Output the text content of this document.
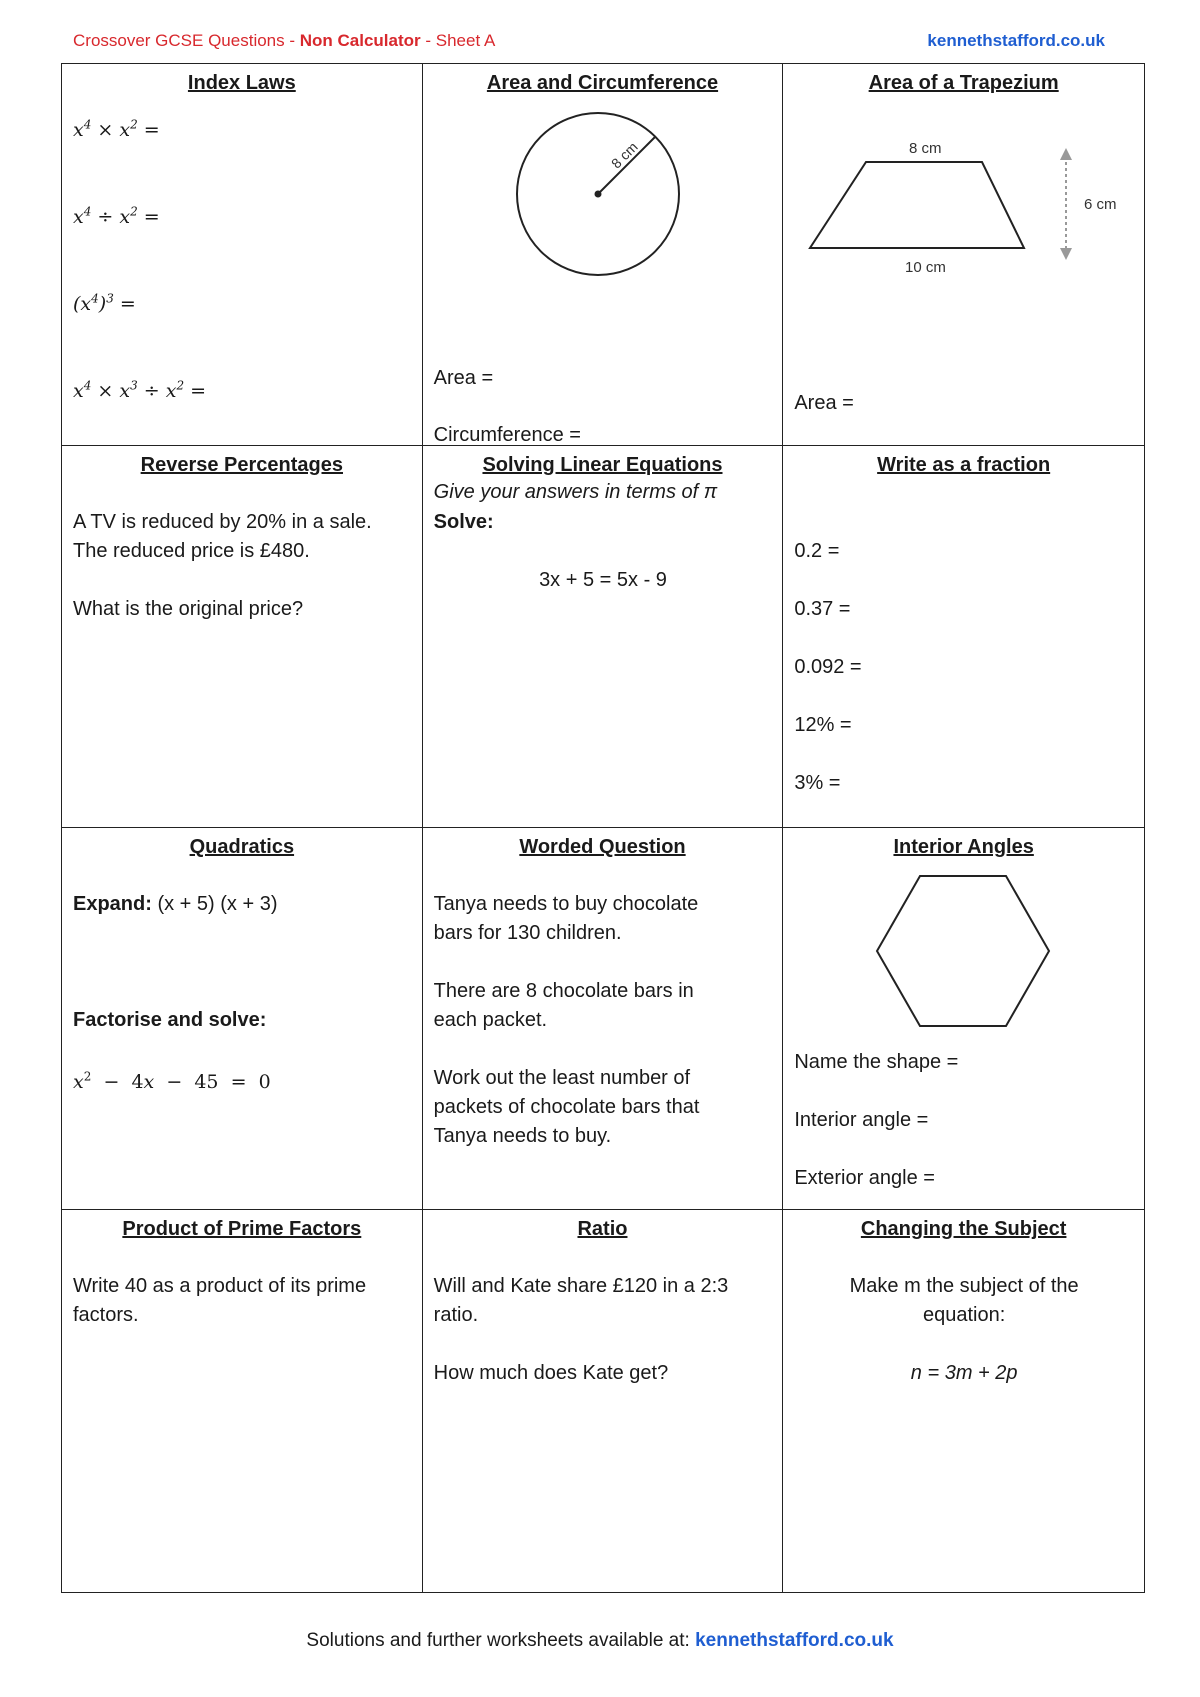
Crossover GCSE Questions - Non Calculator - Sheet A	kennethstafford.co.uk
Index Laws
$x^4 \times x^2$ =
$x^4 \div x^2$ =
$(x^4)^3$ =
$x^4 \times x^3 \div x^2$ =
Area and Circumference
8 cm
Area =
Circumference =
Give your answers in terms of π
Area of a Trapezium
8 cm
10 cm
6 cm
Area =
Reverse Percentages
A TV is reduced by 20% in a sale.
The reduced price is £480.
What is the original price?
Solving Linear Equations
Solve:
3x + 5 = 5x - 9
Write as a fraction
0.2 =
0.37 =
0.092 =
12% =
3% =
Quadratics
Expand: (x + 5) (x + 3)
Factorise and solve:
$x^2 - 4x - 45 = 0$
Worded Question
Tanya needs to buy chocolate
bars for 130 children.
There are 8 chocolate bars in
each packet.
Work out the least number of
packets of chocolate bars that
Tanya needs to buy.
Interior Angles
Name the shape =
Interior angle =
Exterior angle =
Product of Prime Factors
Write 40 as a product of its prime
factors.
Ratio
Will and Kate share £120 in a 2:3
ratio.
How much does Kate get?
Changing the Subject
Make m the subject of the
equation:
n = 3m + 2p
Solutions and further worksheets available at: kennethstafford.co.uk
